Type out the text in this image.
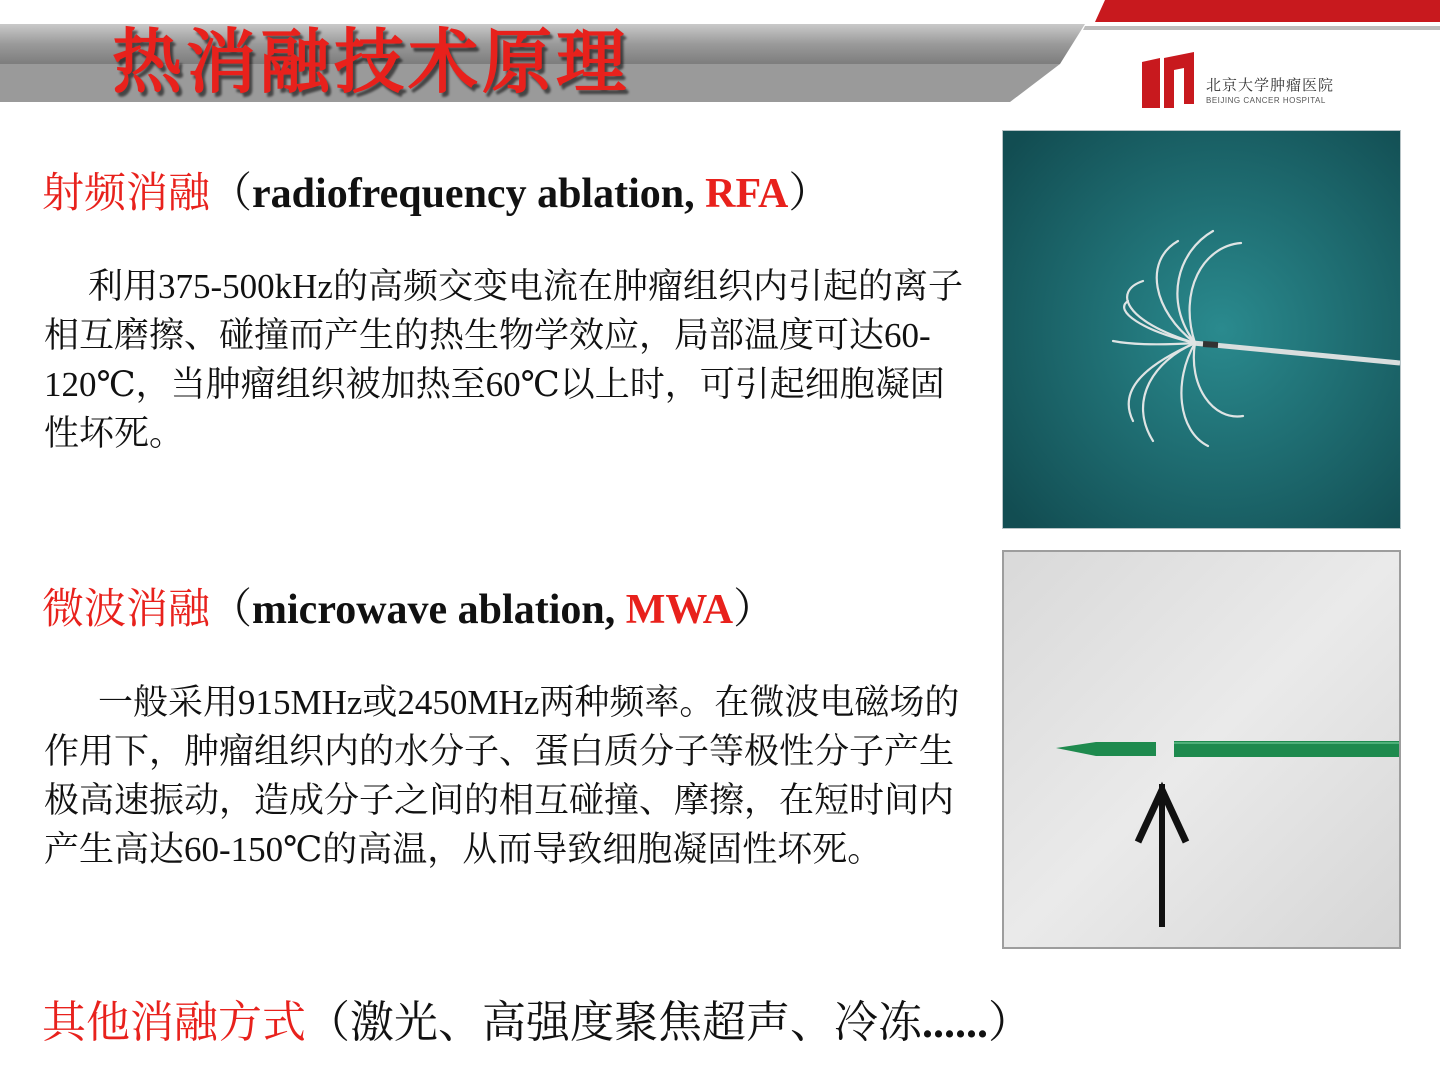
热消融技术原理	北京大学肿瘤医院
BEIJING CANCER HOSPITAL

射频消融（radiofrequency ablation, RFA）

利用375-500kHz的高频交变电流在肿瘤组织内引起的离子相互磨擦、碰撞而产生的热生物学效应，局部温度可达60-120℃，当肿瘤组织被加热至60℃以上时，可引起细胞凝固性坏死。

微波消融（microwave ablation, MWA）

一般采用915MHz或2450MHz两种频率。在微波电磁场的作用下，肿瘤组织内的水分子、蛋白质分子等极性分子产生极高速振动，造成分子之间的相互碰撞、摩擦，在短时间内产生高达60-150℃的高温，从而导致细胞凝固性坏死。

其他消融方式（激光、高强度聚焦超声、冷冻......）
